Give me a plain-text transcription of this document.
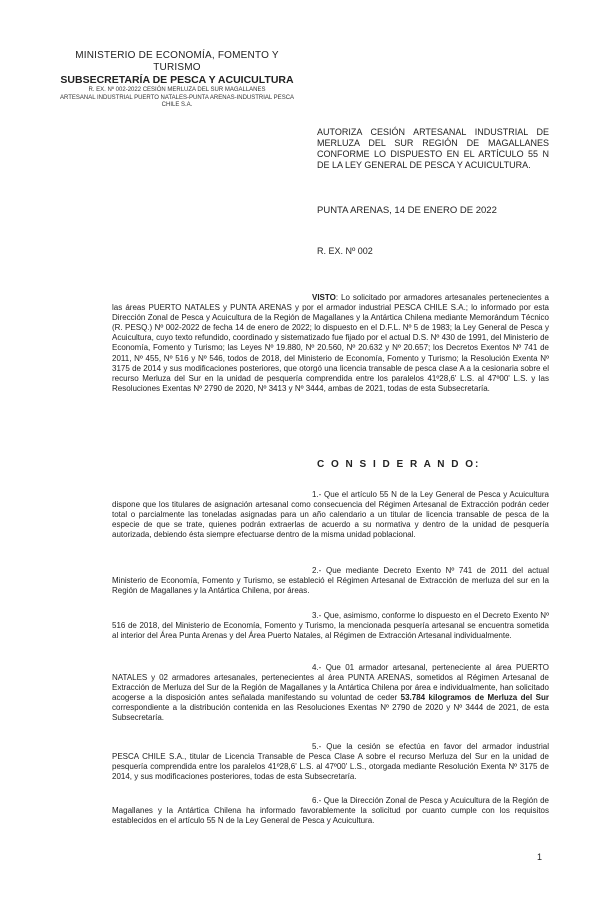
MINISTERIO DE ECONOMÍA, FOMENTO Y TURISMO
SUBSECRETARÍA DE PESCA Y ACUICULTURA
R. EX. Nº 002-2022 CESIÓN MERLUZA DEL SUR MAGALLANES
ARTESANAL INDUSTRIAL PUERTO NATALES-PUNTA ARENAS-INDUSTRIAL PESCA
CHILE S.A.
AUTORIZA CESIÓN ARTESANAL INDUSTRIAL DE MERLUZA DEL SUR REGIÓN DE MAGALLANES CONFORME LO DISPUESTO EN EL ARTÍCULO 55 N DE LA LEY GENERAL DE PESCA Y ACUICULTURA.
PUNTA ARENAS, 14 DE ENERO DE 2022
R. EX. Nº 002
VISTO: Lo solicitado por armadores artesanales pertenecientes a las áreas PUERTO NATALES y PUNTA ARENAS y por el armador industrial PESCA CHILE S.A.; lo informado por esta Dirección Zonal de Pesca y Acuicultura de la Región de Magallanes y la Antártica Chilena mediante Memorándum Técnico (R. PESQ.) Nº 002-2022 de fecha 14 de enero de 2022; lo dispuesto en el D.F.L. Nº 5 de 1983; la Ley General de Pesca y Acuicultura, cuyo texto refundido, coordinado y sistematizado fue fijado por el actual D.S. Nº 430 de 1991, del Ministerio de Economía, Fomento y Turismo; las Leyes Nº 19.880, Nº 20.560, Nº 20.632 y Nº 20.657; los Decretos Exentos Nº 741 de 2011, Nº 455, Nº 516 y Nº 546, todos de 2018, del Ministerio de Economía, Fomento y Turismo; la Resolución Exenta Nº 3175 de 2014 y sus modificaciones posteriores, que otorgó una licencia transable de pesca clase A a la cesionaria sobre el recurso Merluza del Sur en la unidad de pesquería comprendida entre los paralelos 41º28,6' L.S. al 47º00' L.S. y las Resoluciones Exentas Nº 2790 de 2020, Nº 3413 y Nº 3444, ambas de 2021, todas de esta Subsecretaría.
C O N S I D E R A N D O:
1.- Que el artículo 55 N de la Ley General de Pesca y Acuicultura dispone que los titulares de asignación artesanal como consecuencia del Régimen Artesanal de Extracción podrán ceder total o parcialmente las toneladas asignadas para un año calendario a un titular de licencia transable de pesca de la especie de que se trate, quienes podrán extraerlas de acuerdo a su normativa y dentro de la unidad de pesquería autorizada, debiendo ésta siempre efectuarse dentro de la misma unidad poblacional.
2.- Que mediante Decreto Exento Nº 741 de 2011 del actual Ministerio de Economía, Fomento y Turismo, se estableció el Régimen Artesanal de Extracción de merluza del sur en la Región de Magallanes y la Antártica Chilena, por áreas.
3.- Que, asimismo, conforme lo dispuesto en el Decreto Exento Nº 516 de 2018, del Ministerio de Economía, Fomento y Turismo, la mencionada pesquería artesanal se encuentra sometida al interior del Área Punta Arenas y del Área Puerto Natales, al Régimen de Extracción Artesanal individualmente.
4.- Que 01 armador artesanal, perteneciente al área PUERTO NATALES y 02 armadores artesanales, pertenecientes al área PUNTA ARENAS, sometidos al Régimen Artesanal de Extracción de Merluza del Sur de la Región de Magallanes y la Antártica Chilena por área e individualmente, han solicitado acogerse a la disposición antes señalada manifestando su voluntad de ceder 53.784 kilogramos de Merluza del Sur correspondiente a la distribución contenida en las Resoluciones Exentas Nº 2790 de 2020 y Nº 3444 de 2021, de esta Subsecretaría.
5.- Que la cesión se efectúa en favor del armador industrial PESCA CHILE S.A., titular de Licencia Transable de Pesca Clase A sobre el recurso Merluza del Sur en la unidad de pesquería comprendida entre los paralelos 41º28,6' L.S. al 47º00' L.S., otorgada mediante Resolución Exenta Nº 3175 de 2014, y sus modificaciones posteriores, todas de esta Subsecretaría.
6.- Que la Dirección Zonal de Pesca y Acuicultura de la Región de Magallanes y la Antártica Chilena ha informado favorablemente la solicitud por cuanto cumple con los requisitos establecidos en el artículo 55 N de la Ley General de Pesca y Acuicultura.
1
